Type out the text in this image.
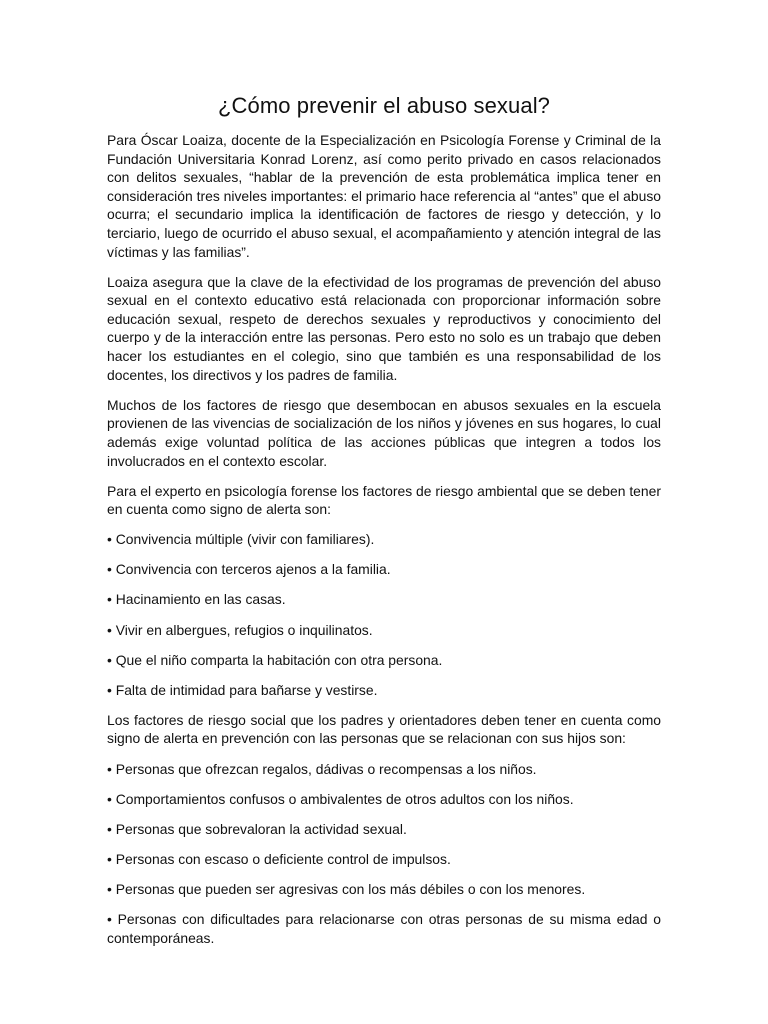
¿Cómo prevenir el abuso sexual?

Para Óscar Loaiza, docente de la Especialización en Psicología Forense y Criminal de la Fundación Universitaria Konrad Lorenz, así como perito privado en casos relacionados con delitos sexuales, “hablar de la prevención de esta problemática implica tener en consideración tres niveles importantes: el primario hace referencia al “antes” que el abuso ocurra; el secundario implica la identificación de factores de riesgo y detección, y lo terciario, luego de ocurrido el abuso sexual, el acompañamiento y atención integral de las víctimas y las familias”.

Loaiza asegura que la clave de la efectividad de los programas de prevención del abuso sexual en el contexto educativo está relacionada con proporcionar información sobre educación sexual, respeto de derechos sexuales y reproductivos y conocimiento del cuerpo y de la interacción entre las personas. Pero esto no solo es un trabajo que deben hacer los estudiantes en el colegio, sino que también es una responsabilidad de los docentes, los directivos y los padres de familia.

Muchos de los factores de riesgo que desembocan en abusos sexuales en la escuela provienen de las vivencias de socialización de los niños y jóvenes en sus hogares, lo cual además exige voluntad política de las acciones públicas que integren a todos los involucrados en el contexto escolar.

Para el experto en psicología forense los factores de riesgo ambiental que se deben tener en cuenta como signo de alerta son:

• Convivencia múltiple (vivir con familiares).

• Convivencia con terceros ajenos a la familia.

• Hacinamiento en las casas.

• Vivir en albergues, refugios o inquilinatos.

• Que el niño comparta la habitación con otra persona.

• Falta de intimidad para bañarse y vestirse.

Los factores de riesgo social que los padres y orientadores deben tener en cuenta como signo de alerta en prevención con las personas que se relacionan con sus hijos son:

• Personas que ofrezcan regalos, dádivas o recompensas a los niños.

• Comportamientos confusos o ambivalentes de otros adultos con los niños.

• Personas que sobrevaloran la actividad sexual.

• Personas con escaso o deficiente control de impulsos.

• Personas que pueden ser agresivas con los más débiles o con los menores.

• Personas con dificultades para relacionarse con otras personas de su misma edad o contemporáneas.
